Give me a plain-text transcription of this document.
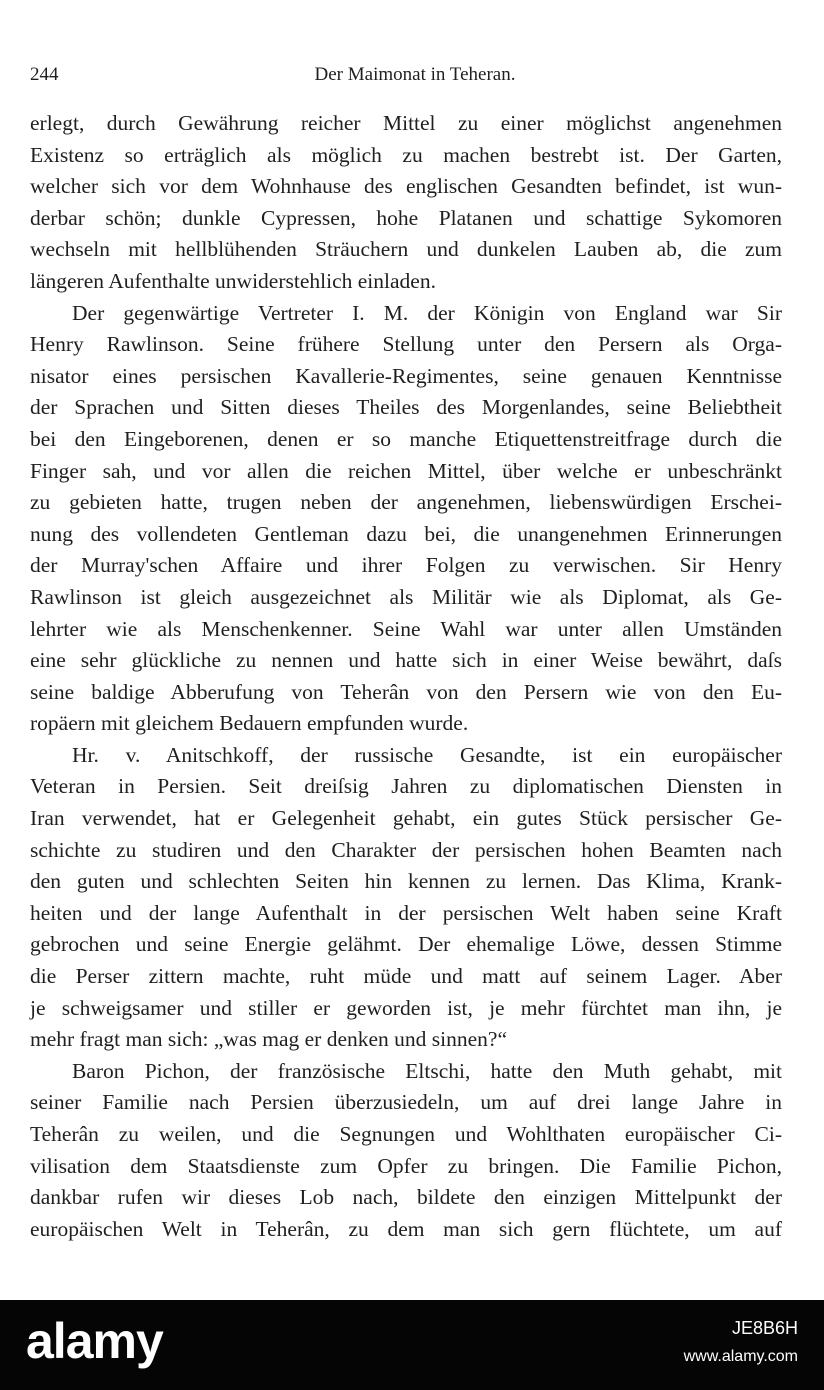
244	Der Maimonat in Teheran.
erlegt, durch Gewährung reicher Mittel zu einer möglichst angenehmen
Existenz so erträglich als möglich zu machen bestrebt ist. Der Garten,
welcher sich vor dem Wohnhause des englischen Gesandten befindet, ist wun-
derbar schön; dunkle Cypressen, hohe Platanen und schattige Sykomoren
wechseln mit hellblühenden Sträuchern und dunkelen Lauben ab, die zum
längeren Aufenthalte unwiderstehlich einladen.
Der gegenwärtige Vertreter I. M. der Königin von England war Sir
Henry Rawlinson. Seine frühere Stellung unter den Persern als Orga-
nisator eines persischen Kavallerie-Regimentes, seine genauen Kenntnisse
der Sprachen und Sitten dieses Theiles des Morgenlandes, seine Beliebtheit
bei den Eingeborenen, denen er so manche Etiquettenstreitfrage durch die
Finger sah, und vor allen die reichen Mittel, über welche er unbeschränkt
zu gebieten hatte, trugen neben der angenehmen, liebenswürdigen Erschei-
nung des vollendeten Gentleman dazu bei, die unangenehmen Erinnerungen
der Murray'schen Affaire und ihrer Folgen zu verwischen. Sir Henry
Rawlinson ist gleich ausgezeichnet als Militär wie als Diplomat, als Ge-
lehrter wie als Menschenkenner. Seine Wahl war unter allen Umständen
eine sehr glückliche zu nennen und hatte sich in einer Weise bewährt, daſs
seine baldige Abberufung von Teherân von den Persern wie von den Eu-
ropäern mit gleichem Bedauern empfunden wurde.
Hr. v. Anitschkoff, der russische Gesandte, ist ein europäischer
Veteran in Persien. Seit dreiſsig Jahren zu diplomatischen Diensten in
Iran verwendet, hat er Gelegenheit gehabt, ein gutes Stück persischer Ge-
schichte zu studiren und den Charakter der persischen hohen Beamten nach
den guten und schlechten Seiten hin kennen zu lernen. Das Klima, Krank-
heiten und der lange Aufenthalt in der persischen Welt haben seine Kraft
gebrochen und seine Energie gelähmt. Der ehemalige Löwe, dessen Stimme
die Perser zittern machte, ruht müde und matt auf seinem Lager. Aber
je schweigsamer und stiller er geworden ist, je mehr fürchtet man ihn, je
mehr fragt man sich: „was mag er denken und sinnen?“
Baron Pichon, der französische Eltschi, hatte den Muth gehabt, mit
seiner Familie nach Persien überzusiedeln, um auf drei lange Jahre in
Teherân zu weilen, und die Segnungen und Wohlthaten europäischer Ci-
vilisation dem Staatsdienste zum Opfer zu bringen. Die Familie Pichon,
dankbar rufen wir dieses Lob nach, bildete den einzigen Mittelpunkt der
europäischen Welt in Teherân, zu dem man sich gern flüchtete, um auf
alamy	JE8B6H
www.alamy.com
